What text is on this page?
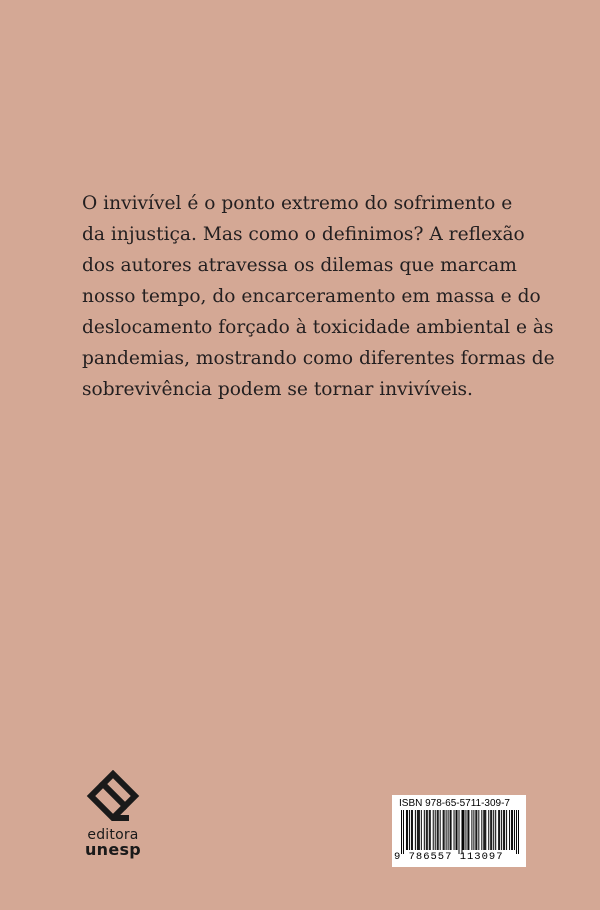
O invivível é o ponto extremo do sofrimento e
da injustiça. Mas como o definimos? A reflexão
dos autores atravessa os dilemas que marcam
nosso tempo, do encarceramento em massa e do
deslocamento forçado à toxicidade ambiental e às
pandemias, mostrando como diferentes formas de
sobrevivência podem se tornar invivíveis.

editora
unesp
ISBN 978-65-5711-309-7
9 786557 113097
